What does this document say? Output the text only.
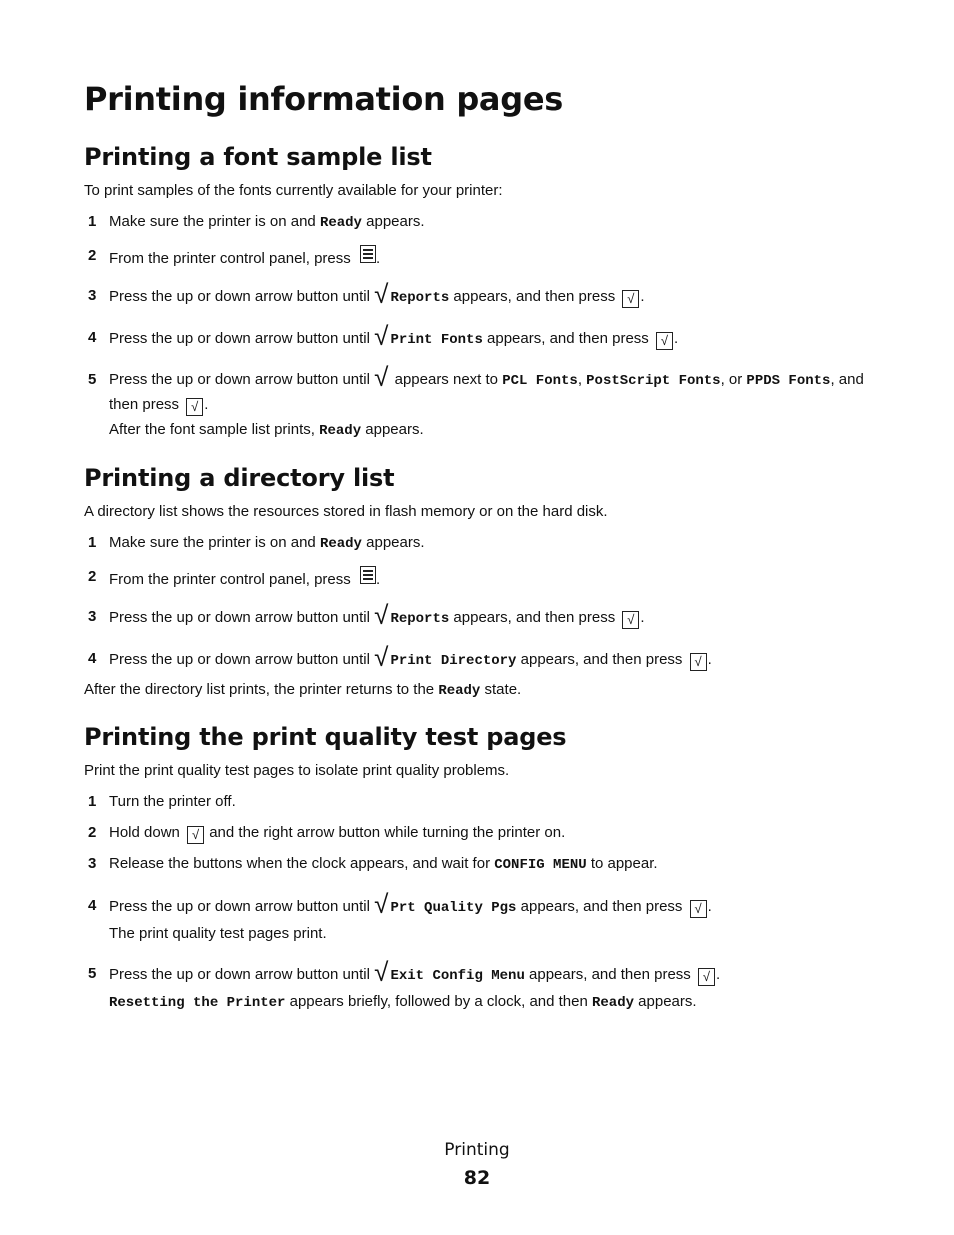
Printing information pages
Printing a font sample list
To print samples of the fonts currently available for your printer:
1 Make sure the printer is on and Ready appears.
2 From the printer control panel, press
.
3 Press the up or down arrow button until √ Reports appears, and then press √ .
4 Press the up or down arrow button until √ Print Fonts appears, and then press √ .
5 Press the up or down arrow button until √ appears next to PCL Fonts, PostScript Fonts, or PPDS Fonts, and then press √ .
After the font sample list prints, Ready appears.
Printing a directory list
A directory list shows the resources stored in flash memory or on the hard disk.
1 Make sure the printer is on and Ready appears.
2 From the printer control panel, press
.
3 Press the up or down arrow button until √ Reports appears, and then press √ .
4 Press the up or down arrow button until √ Print Directory appears, and then press √ .
After the directory list prints, the printer returns to the Ready state.
Printing the print quality test pages
Print the print quality test pages to isolate print quality problems.
1 Turn the printer off.
2 Hold down √ and the right arrow button while turning the printer on.
3 Release the buttons when the clock appears, and wait for CONFIG MENU to appear.
4 Press the up or down arrow button until √ Prt Quality Pgs appears, and then press √ .
The print quality test pages print.
5 Press the up or down arrow button until √ Exit Config Menu appears, and then press √ .
Resetting the Printer appears briefly, followed by a clock, and then Ready appears.
Printing
82
